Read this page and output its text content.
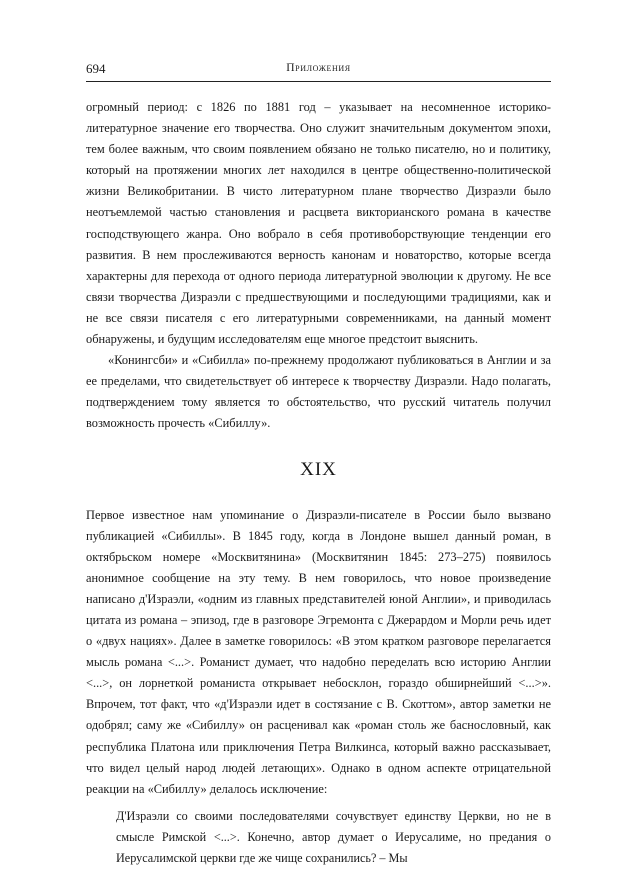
694	Приложения

огромный период: с 1826 по 1881 год – указывает на несомненное историко-литературное значение его творчества. Оно служит значительным документом эпохи, тем более важным, что своим появлением обязано не только писателю, но и политику, который на протяжении многих лет находился в центре общественно-политической жизни Великобритании. В чисто литературном плане творчество Дизраэли было неотъемлемой частью становления и расцвета викторианского романа в качестве господствующего жанра. Оно вобрало в себя противоборствующие тенденции его развития. В нем прослеживаются верность канонам и новаторство, которые всегда характерны для перехода от одного периода литературной эволюции к другому. Не все связи творчества Дизраэли с предшествующими и последующими традициями, как и не все связи писателя с его литературными современниками, на данный момент обнаружены, и будущим исследователям еще многое предстоит выяснить.

«Конингсби» и «Сибилла» по-прежнему продолжают публиковаться в Англии и за ее пределами, что свидетельствует об интересе к творчеству Дизраэли. Надо полагать, подтверждением тому является то обстоятельство, что русский читатель получил возможность прочесть «Сибиллу».

XIX

Первое известное нам упоминание о Дизраэли-писателе в России было вызвано публикацией «Сибиллы». В 1845 году, когда в Лондоне вышел данный роман, в октябрьском номере «Москвитянина» (Москвитянин 1845: 273–275) появилось анонимное сообщение на эту тему. В нем говорилось, что новое произведение написано д'Израэли, «одним из главных представителей юной Англии», и приводилась цитата из романа – эпизод, где в разговоре Эгремонта с Джерардом и Морли речь идет о «двух нациях». Далее в заметке говорилось: «В этом кратком разговоре перелагается мысль романа <...>. Романист думает, что надобно переделать всю историю Англии <...>, он лорнеткой романиста открывает небосклон, гораздо обширнейший <...>». Впрочем, тот факт, что «д'Израэли идет в состязание с В. Скоттом», автор заметки не одобрял; саму же «Сибиллу» он расценивал как «роман столь же баснословный, как республика Платона или приключения Петра Вилкинса, который важно рассказывает, что видел целый народ людей летающих». Однако в одном аспекте отрицательной реакции на «Сибиллу» делалось исключение:

Д'Израэли со своими последователями сочувствует единству Церкви, но не в смысле Римской <...>. Конечно, автор думает о Иерусалиме, но предания о Иерусалимской церкви где же чище сохранились? – Мы
